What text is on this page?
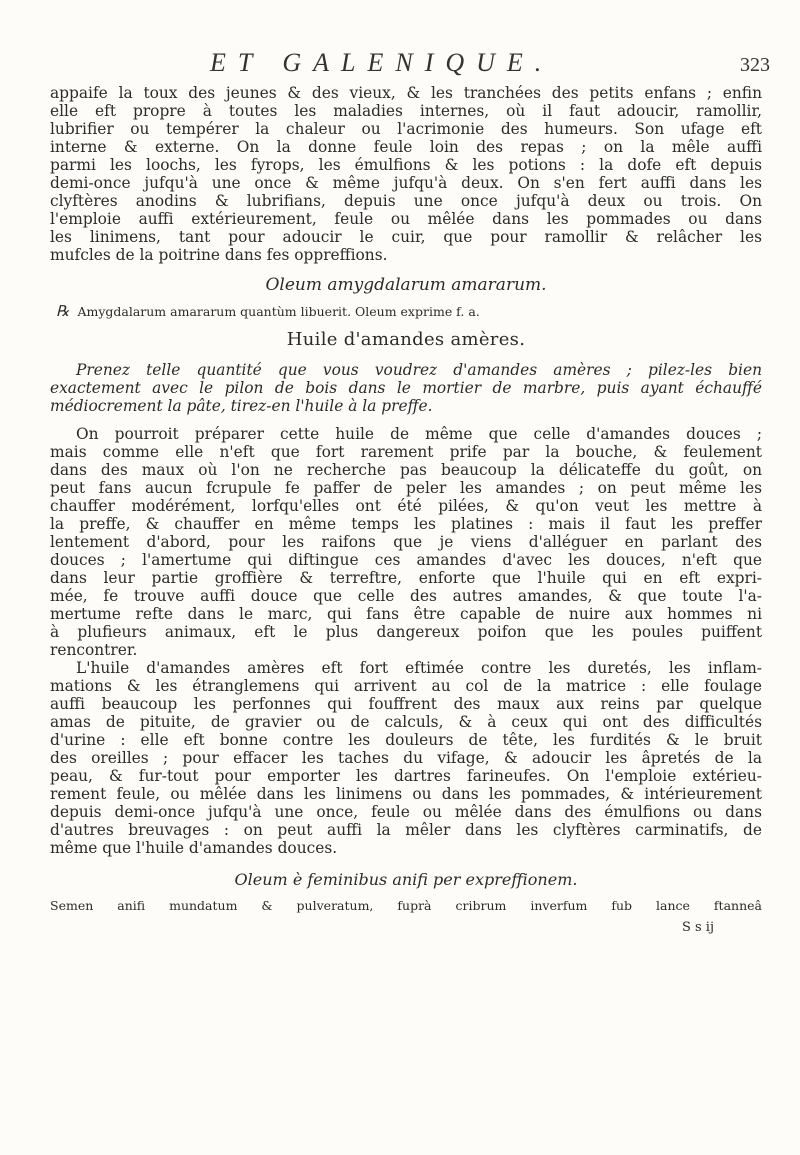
ET GALENIQUE.	323
appaife la toux des jeunes & des vieux, & les tranchées des petits enfans ; enfin
elle eft propre à toutes les maladies internes, où il faut adoucir, ramollir,
lubrifier ou tempérer la chaleur ou l'acrimonie des humeurs. Son ufage eft
interne & externe. On la donne feule loin des repas ; on la mêle auffi
parmi les loochs, les fyrops, les émulfions & les potions : la dofe eft depuis
demi-once jufqu'à une once & même jufqu'à deux. On s'en fert auffi dans les
clyftères anodins & lubrifians, depuis une once jufqu'à deux ou trois. On
l'emploie auffi extérieurement, feule ou mêlée dans les pommades ou dans
les linimens, tant pour adoucir le cuir, que pour ramollir & relâcher les
mufcles de la poitrine dans fes oppreffions.
Oleum amygdalarum amararum.
℞ Amygdalarum amararum quantùm libuerit. Oleum exprime f. a.
Huile d'amandes amères.
Prenez telle quantité que vous voudrez d'amandes amères ; pilez-les bien
exactement avec le pilon de bois dans le mortier de marbre, puis ayant échauffé
médiocrement la pâte, tirez-en l'huile à la preffe.
On pourroit préparer cette huile de même que celle d'amandes douces ;
mais comme elle n'eft que fort rarement prife par la bouche, & feulement
dans des maux où l'on ne recherche pas beaucoup la délicateffe du goût, on
peut fans aucun fcrupule fe paffer de peler les amandes ; on peut même les
chauffer modérément, lorfqu'elles ont été pilées, & qu'on veut les mettre à
la preffe, & chauffer en même temps les platines : mais il faut les preffer
lentement d'abord, pour les raifons que je viens d'alléguer en parlant des
douces ; l'amertume qui diftingue ces amandes d'avec les douces, n'eft que
dans leur partie groffière & terreftre, enforte que l'huile qui en eft expri-
mée, fe trouve auffi douce que celle des autres amandes, & que toute l'a-
mertume refte dans le marc, qui fans être capable de nuire aux hommes ni
à plufieurs animaux, eft le plus dangereux poifon que les poules puiffent
rencontrer.
L'huile d'amandes amères eft fort eftimée contre les duretés, les inflam-
mations & les étranglemens qui arrivent au col de la matrice : elle foulage
auffi beaucoup les perfonnes qui fouffrent des maux aux reins par quelque
amas de pituite, de gravier ou de calculs, & à ceux qui ont des difficultés
d'urine : elle eft bonne contre les douleurs de tête, les furdités & le bruit
des oreilles ; pour effacer les taches du vifage, & adoucir les âpretés de la
peau, & fur-tout pour emporter les dartres farineufes. On l'emploie extérieu-
rement feule, ou mêlée dans les linimens ou dans les pommades, & intérieurement
depuis demi-once jufqu'à une once, feule ou mêlée dans des émulfions ou dans
d'autres breuvages : on peut auffi la mêler dans les clyftères carminatifs, de
même que l'huile d'amandes douces.
Oleum è feminibus anifi per expreffionem.
Semen anifi mundatum & pulveratum, fuprà cribrum inverfum fub lance ftanneâ
S s ij
